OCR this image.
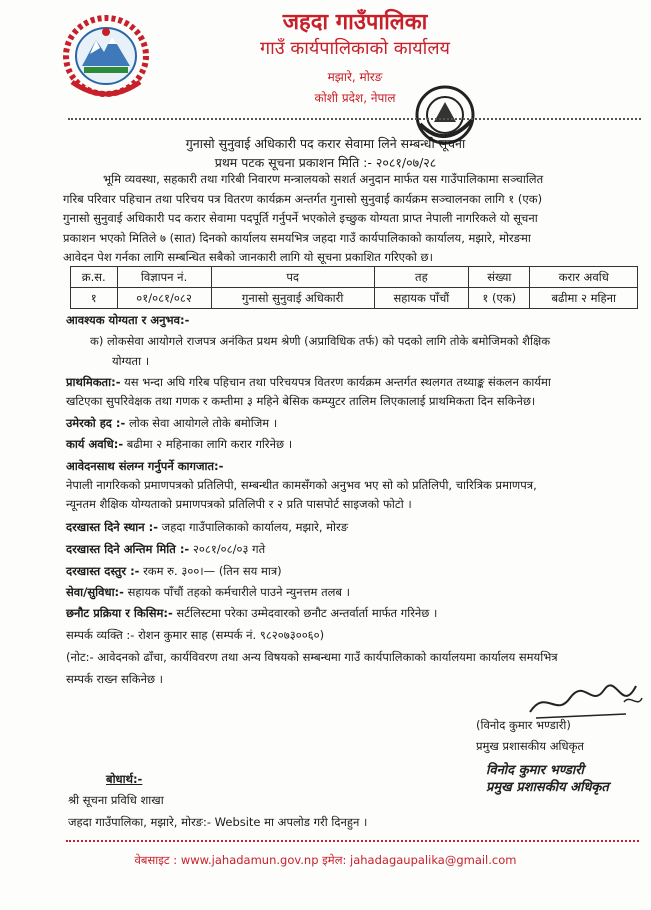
जहदा गाउँपालिका
गाउँ कार्यपालिकाको कार्यालय
मझारे, मोरङ
कोशी प्रदेश, नेपाल
गुनासो सुनुवाई अधिकारी पद करार सेवामा लिने सम्बन्धी सूचना
प्रथम पटक सूचना प्रकाशन मिति :- २०८१/०७/२८
भूमि व्यवस्था, सहकारी तथा गरिबी निवारण मन्त्रालयको सशर्त अनुदान मार्फत यस गाउँपालिकामा सञ्चालित
गरिब परिवार पहिचान तथा परिचय पत्र वितरण कार्यक्रम अन्तर्गत गुनासो सुनुवाई कार्यक्रम सञ्चालनका लागि १ (एक)
गुनासो सुनुवाई अधिकारी पद करार सेवामा पदपूर्ति गर्नुपर्ने भएकोले इच्छुक योग्यता प्राप्त नेपाली नागरिकले यो सूचना
प्रकाशन भएको मितिले ७ (सात) दिनको कार्यालय समयभित्र जहदा गाउँ कार्यपालिकाको कार्यालय, मझारे, मोरङमा
आवेदन पेश गर्नका लागि सम्बन्धित सबैको जानकारी लागि यो सूचना प्रकाशित गरिएको छ।
क्र.स.	विज्ञापन नं.	पद	तह	संख्या	करार अवधि
१	०१/०८१/०८२	गुनासो सुनुवाई अधिकारी	सहायक पाँचौं	१ (एक)	बढीमा २ महिना
आवश्यक योग्यता र अनुभव:-
क) लोकसेवा आयोगले राजपत्र अनंकित प्रथम श्रेणी (अप्राविधिक तर्फ) को पदको लागि तोके बमोजिमको शैक्षिक
योग्यता ।
प्राथमिकता:- यस भन्दा अघि गरिब पहिचान तथा परिचयपत्र वितरण कार्यक्रम अन्तर्गत स्थलगत तथ्याङ्क संकलन कार्यमा
खटिएका सुपरिवेक्षक तथा गणक र कम्तीमा ३ महिने बेसिक कम्प्युटर तालिम लिएकालाई प्राथमिकता दिन सकिनेछ।
उमेरको हद :- लोक सेवा आयोगले तोके बमोजिम ।
कार्य अवधि:- बढीमा २ महिनाका लागि करार गरिनेछ ।
आवेदनसाथ संलग्न गर्नुपर्ने कागजात:-
नेपाली नागरिकको प्रमाणपत्रको प्रतिलिपी, सम्बन्धीत कामसँगको अनुभव भए सो को प्रतिलिपी, चारित्रिक प्रमाणपत्र,
न्यूनतम शैक्षिक योग्यताको प्रमाणपत्रको प्रतिलिपी र २ प्रति पासपोर्ट साइजको फोटो ।
दरखास्त दिने स्थान :- जहदा गाउँपालिकाको कार्यालय, मझारे, मोरङ
दरखास्त दिने अन्तिम मिति :- २०८१/०८/०३ गते
दरखास्त दस्तुर :- रकम रु. ३००।— (तिन सय मात्र)
सेवा/सुविधा:- सहायक पाँचौं तहको कर्मचारीले पाउने न्युनत्तम तलब ।
छनौट प्रक्रिया र किसिम:- सर्टलिस्टमा परेका उम्मेदवारको छनौट अन्तर्वार्ता मार्फत गरिनेछ ।
सम्पर्क व्यक्ति :- रोशन कुमार साह (सम्पर्क नं. ९८२०७३००६०)
(नोट:- आवेदनको ढाँचा, कार्यविवरण तथा अन्य विषयको सम्बन्धमा गाउँ कार्यपालिकाको कार्यालयमा कार्यालय समयभित्र
सम्पर्क राख्न सकिनेछ ।
(विनोद कुमार भण्डारी)
प्रमुख प्रशासकीय अधिकृत
विनोद कुमार भण्डारी
प्रमुख प्रशासकीय अधिकृत
बोधार्थ:-
श्री सूचना प्रविधि शाखा
जहदा गाउँपालिका, मझारे, मोरङ:- Website मा अपलोड गरी दिनहुन ।
वेबसाइट : www.jahadamun.gov.np इमेल: jahadagaupalika@gmail.com
